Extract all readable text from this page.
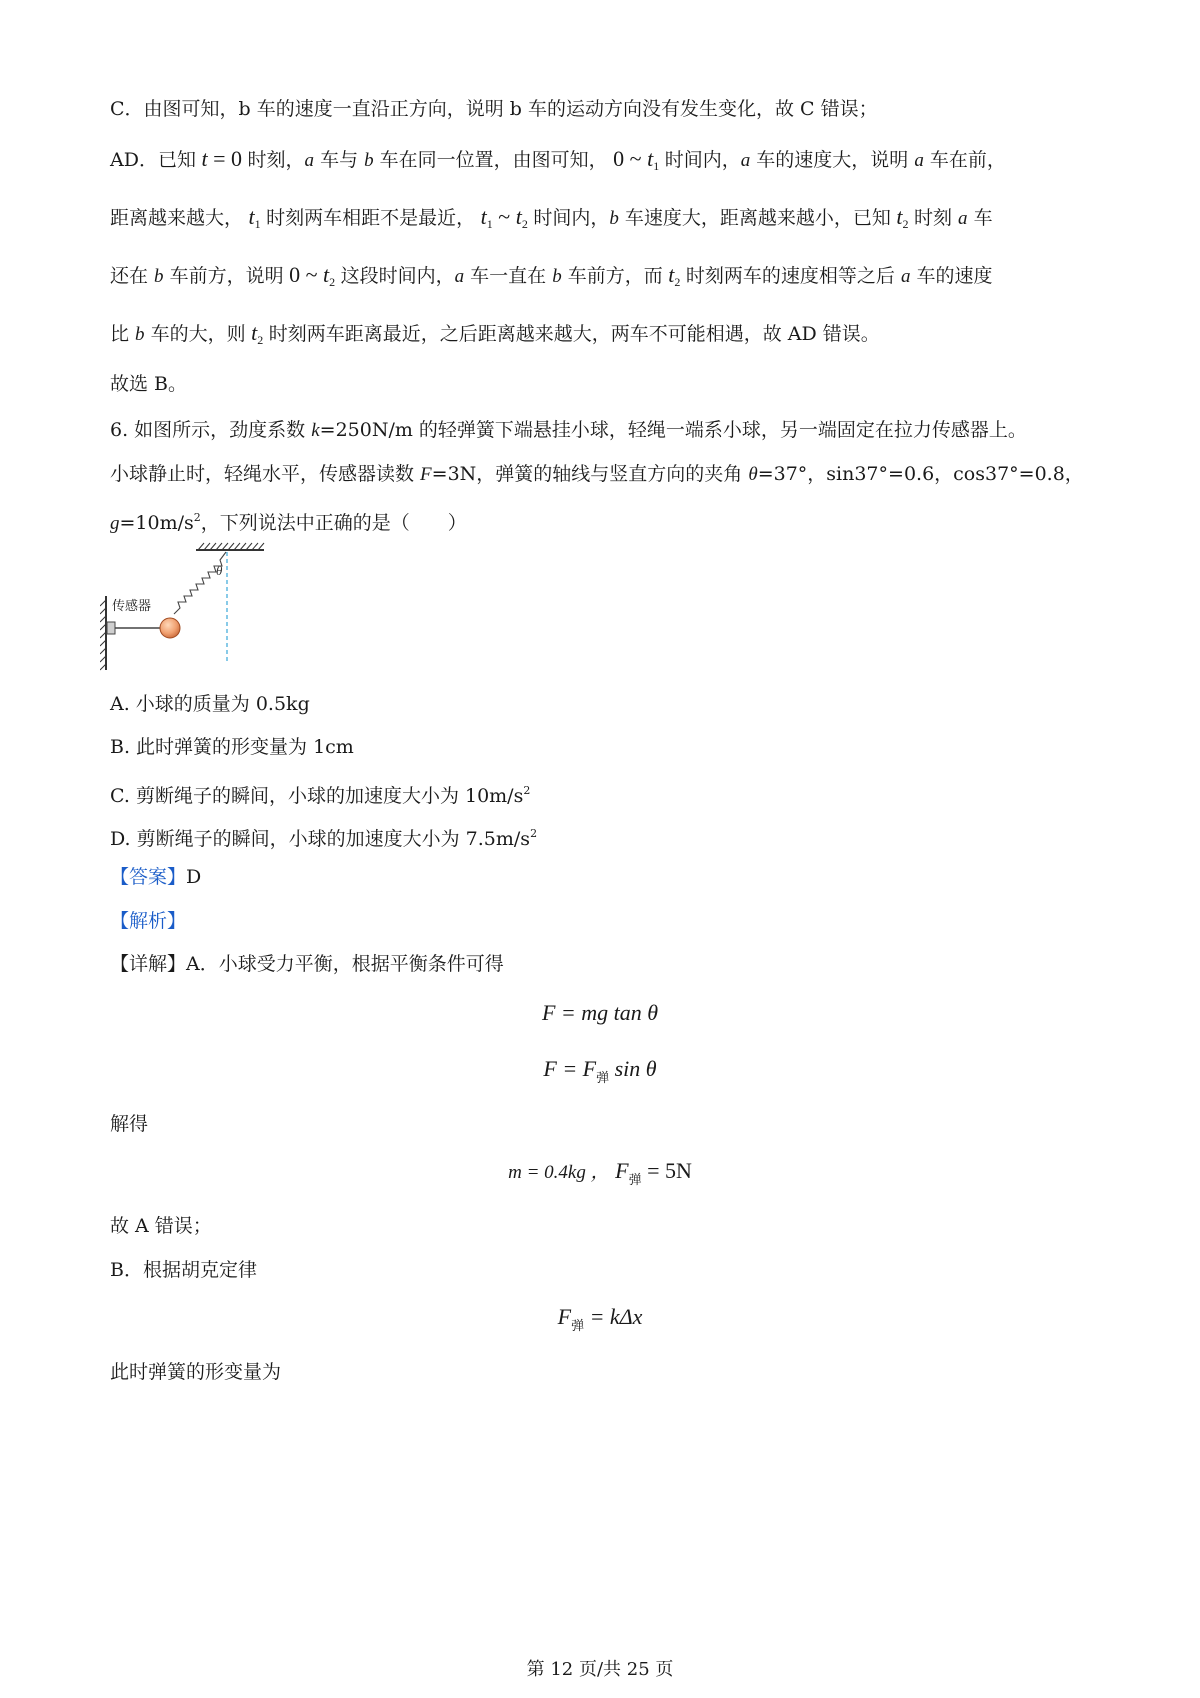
C．由图可知，b 车的速度一直沿正方向，说明 b 车的运动方向没有发生变化，故 C 错误；
AD．已知 t = 0 时刻，a 车与 b 车在同一位置，由图可知， 0 ~ $t_1$ 时间内，a 车的速度大，说明 a 车在前，
距离越来越大， $t_1$ 时刻两车相距不是最近， $t_1$ ~ $t_2$ 时间内，b 车速度大，距离越来越小，已知 $t_2$ 时刻 a 车
还在 b 车前方，说明 0 ~ $t_2$ 这段时间内，a 车一直在 b 车前方，而 $t_2$ 时刻两车的速度相等之后 a 车的速度
比 b 车的大，则 $t_2$ 时刻两车距离最近，之后距离越来越大，两车不可能相遇，故 AD 错误。
故选 B。
6. 如图所示，劲度系数 k=250N/m 的轻弹簧下端悬挂小球，轻绳一端系小球，另一端固定在拉力传感器上。
小球静止时，轻绳水平，传感器读数 F=3N，弹簧的轴线与竖直方向的夹角 θ=37°，sin37°=0.6，cos37°=0.8，
$g=10m/s^2$，下列说法中正确的是（　　）
θ
传感器
A. 小球的质量为 0.5kg
B. 此时弹簧的形变量为 1cm
C. 剪断绳子的瞬间，小球的加速度大小为 $10m/s^2$
D. 剪断绳子的瞬间，小球的加速度大小为 $7.5m/s^2$
【答案】D
【解析】
【详解】A．小球受力平衡，根据平衡条件可得
F = mg tan θ
$F = F_弹$ sin θ
解得
m = 0.4kg ， $F_弹 = 5N$
故 A 错误；
B．根据胡克定律
$F_弹 = k\Delta x$
此时弹簧的形变量为
第 12 页/共 25 页
